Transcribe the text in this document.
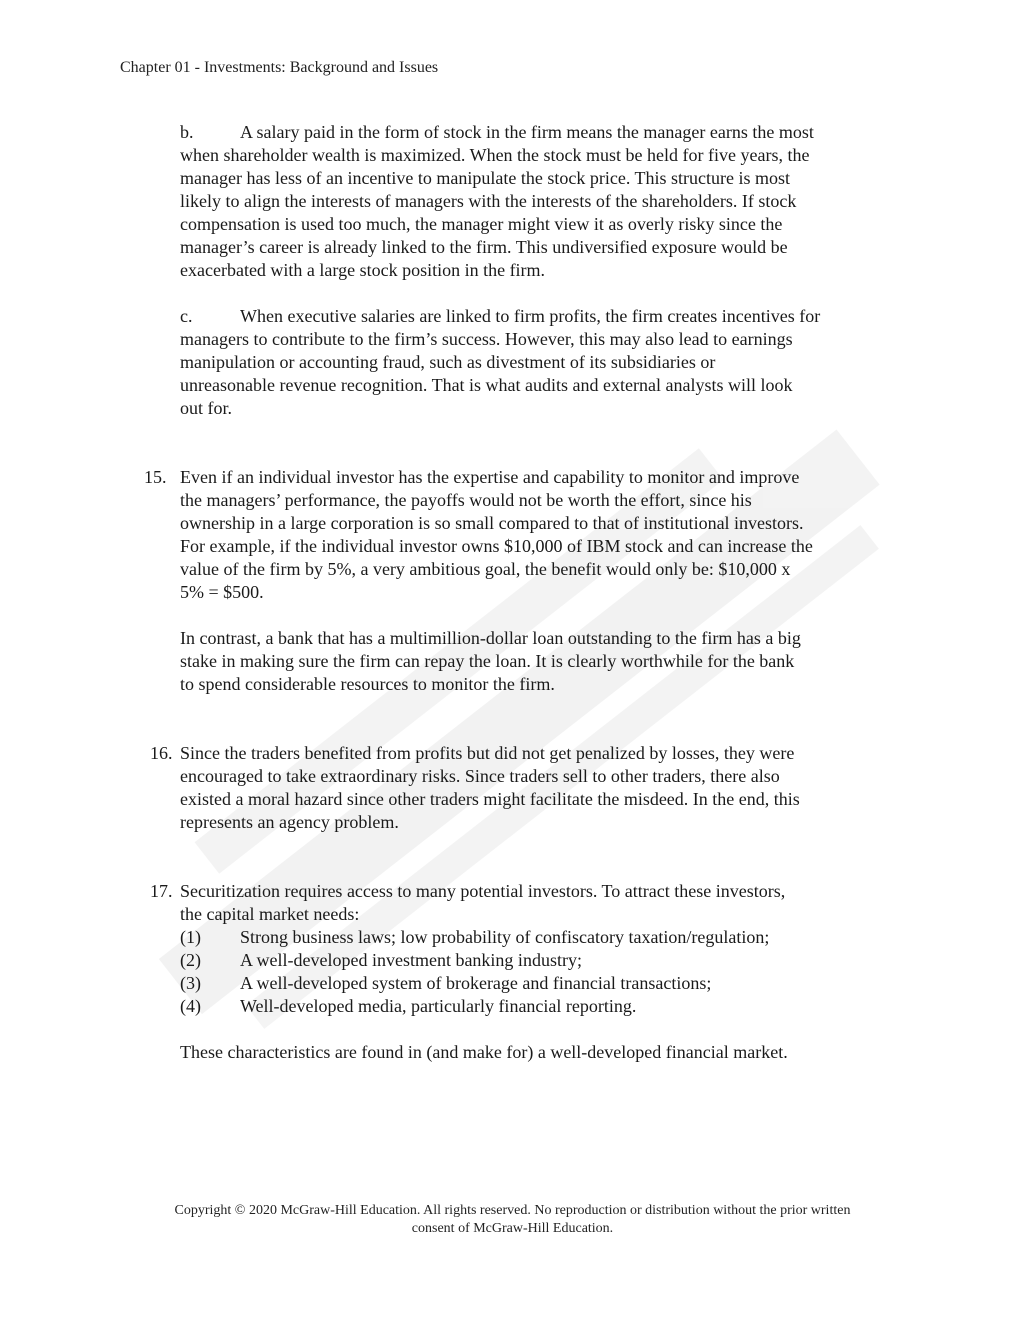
Chapter 01 - Investments: Background and Issues
b.	A salary paid in the form of stock in the firm means the manager earns the most
when shareholder wealth is maximized. When the stock must be held for five years, the
manager has less of an incentive to manipulate the stock price. This structure is most
likely to align the interests of managers with the interests of the shareholders. If stock
compensation is used too much, the manager might view it as overly risky since the
manager’s career is already linked to the firm. This undiversified exposure would be
exacerbated with a large stock position in the firm.
c.	When executive salaries are linked to firm profits, the firm creates incentives for
managers to contribute to the firm’s success. However, this may also lead to earnings
manipulation or accounting fraud, such as divestment of its subsidiaries or
unreasonable revenue recognition. That is what audits and external analysts will look
out for.
15. Even if an individual investor has the expertise and capability to monitor and improve
the managers’ performance, the payoffs would not be worth the effort, since his
ownership in a large corporation is so small compared to that of institutional investors.
For example, if the individual investor owns $10,000 of IBM stock and can increase the
value of the firm by 5%, a very ambitious goal, the benefit would only be: $10,000 x
5% = $500.
In contrast, a bank that has a multimillion-dollar loan outstanding to the firm has a big
stake in making sure the firm can repay the loan. It is clearly worthwhile for the bank
to spend considerable resources to monitor the firm.
16. Since the traders benefited from profits but did not get penalized by losses, they were
encouraged to take extraordinary risks. Since traders sell to other traders, there also
existed a moral hazard since other traders might facilitate the misdeed. In the end, this
represents an agency problem.
17. Securitization requires access to many potential investors. To attract these investors,
the capital market needs:
(1) Strong business laws; low probability of confiscatory taxation/regulation;
(2) A well-developed investment banking industry;
(3) A well-developed system of brokerage and financial transactions;
(4) Well-developed media, particularly financial reporting.
These characteristics are found in (and make for) a well-developed financial market.
Copyright © 2020 McGraw-Hill Education. All rights reserved. No reproduction or distribution without the prior written
consent of McGraw-Hill Education.
